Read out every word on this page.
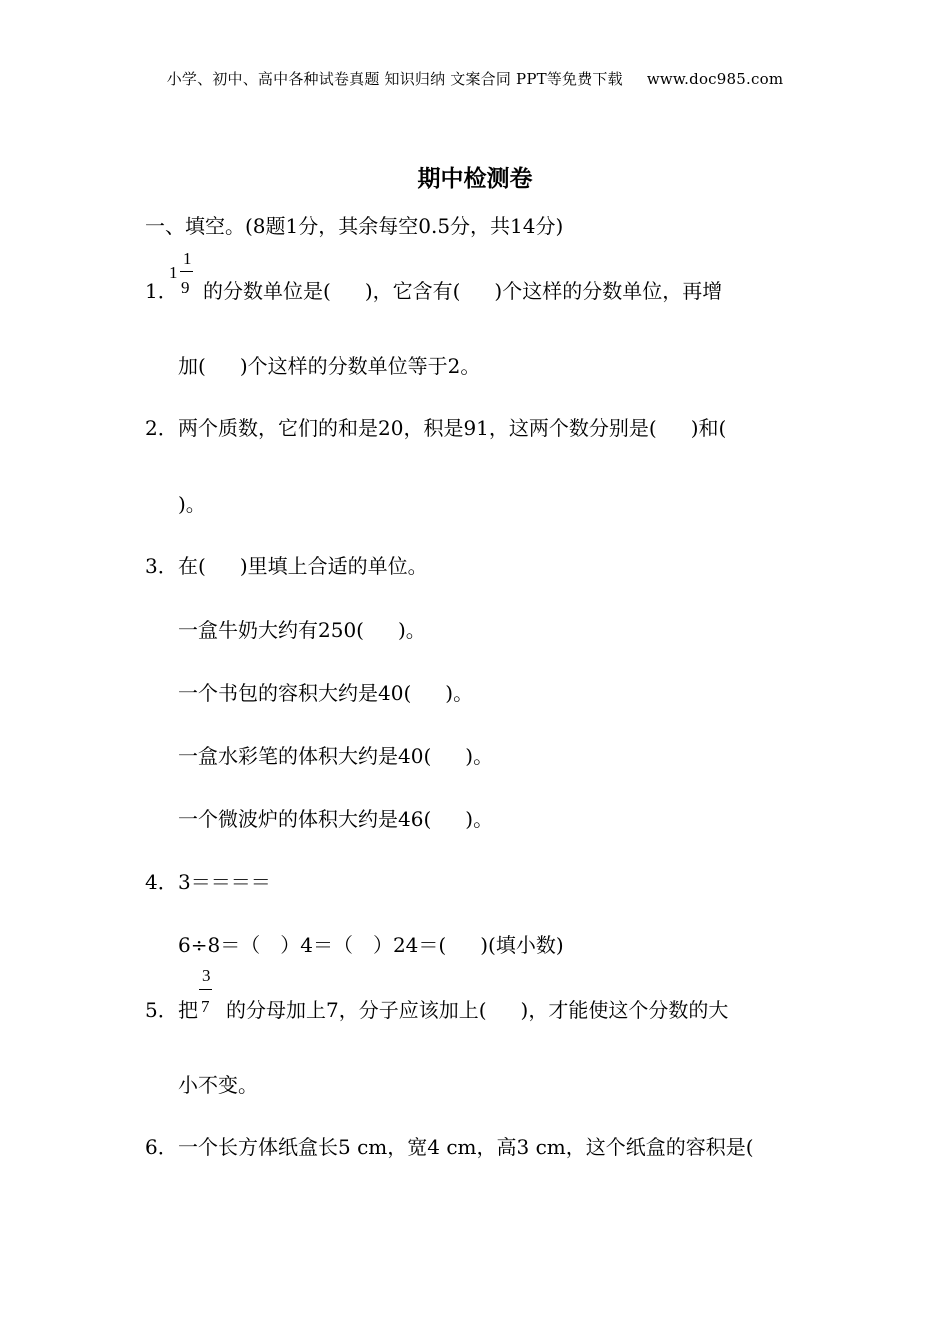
小学、初中、高中各种试卷真题 知识归纳 文案合同 PPT等免费下载 www.doc985.com
期中检测卷
一、填空。(8题1分，其余每空0.5分，共14分)
1．
1
1
9 的分数单位是( )，它含有( )个这样的分数单位，再增
加( )个这样的分数单位等于2。
2． 两个质数，它们的和是20，积是91，这两个数分别是( )和(
)。
3． 在( )里填上合适的单位。
一盒牛奶大约有250( )。
一个书包的容积大约是40( )。
一盒水彩笔的体积大约是40( )。
一个微波炉的体积大约是46( )。
4． 3＝＝＝＝
6÷8＝（ ）4＝（ ）24＝( )(填小数)
5． 把
3
7 的分母加上7，分子应该加上( )，才能使这个分数的大
小不变。
6． 一个长方体纸盒长5 cm，宽4 cm，高3 cm，这个纸盒的容积是(
